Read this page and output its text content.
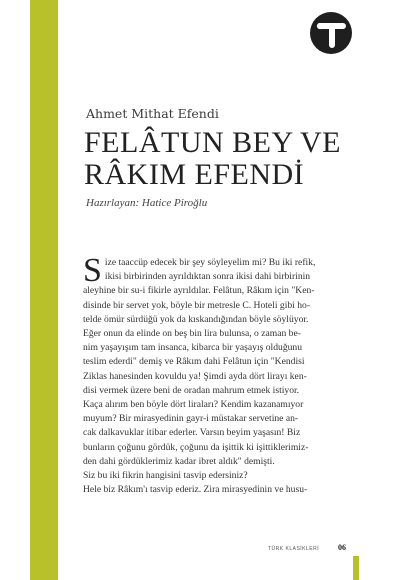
Ahmet Mithat Efendi
FELÂTUN BEY VE
RÂKIM EFENDİ
Hazırlayan: Hatice Piroğlu
S ize taaccüp edecek bir şey söyleyelim mi? Bu iki refik,
ikisi birbirinden ayrıldıktan sonra ikisi dahi birbirinin
aleyhine bir su-i fikirle ayrıldılar. Felâtun, Râkım için "Ken-
disinde bir servet yok, böyle bir metresle C. Hoteli gibi ho-
telde ömür sürdüğü yok da kıskandığından böyle söylüyor.
Eğer onun da elinde on beş bin lira bulunsa, o zaman be-
nim yaşayışım tam insanca, kibarca bir yaşayış olduğunu
teslim ederdi" demiş ve Râkım dahi Felâtun için "Kendisi
Ziklas hanesinden kovuldu ya! Şimdi ayda dört lirayı ken-
disi vermek üzere beni de oradan mahrum etmek istiyor.
Kaça alırım ben böyle dört liraları? Kendim kazanamıyor
muyum? Bir mirasyedinin gayr-i müstakar servetine an-
cak dalkavuklar itibar ederler. Varsın beyim yaşasın! Biz
bunların çoğunu gördük, çoğunu da işittik ki işittiklerimiz-
den dahi gördüklerimiz kadar ibret aldık" demişti.
Siz bu iki fikrin hangisini tasvip edersiniz?
Hele biz Râkım'ı tasvip ederiz. Zira mirasyedinin ve husu-
TÜRK KLASİKLERİ 06
